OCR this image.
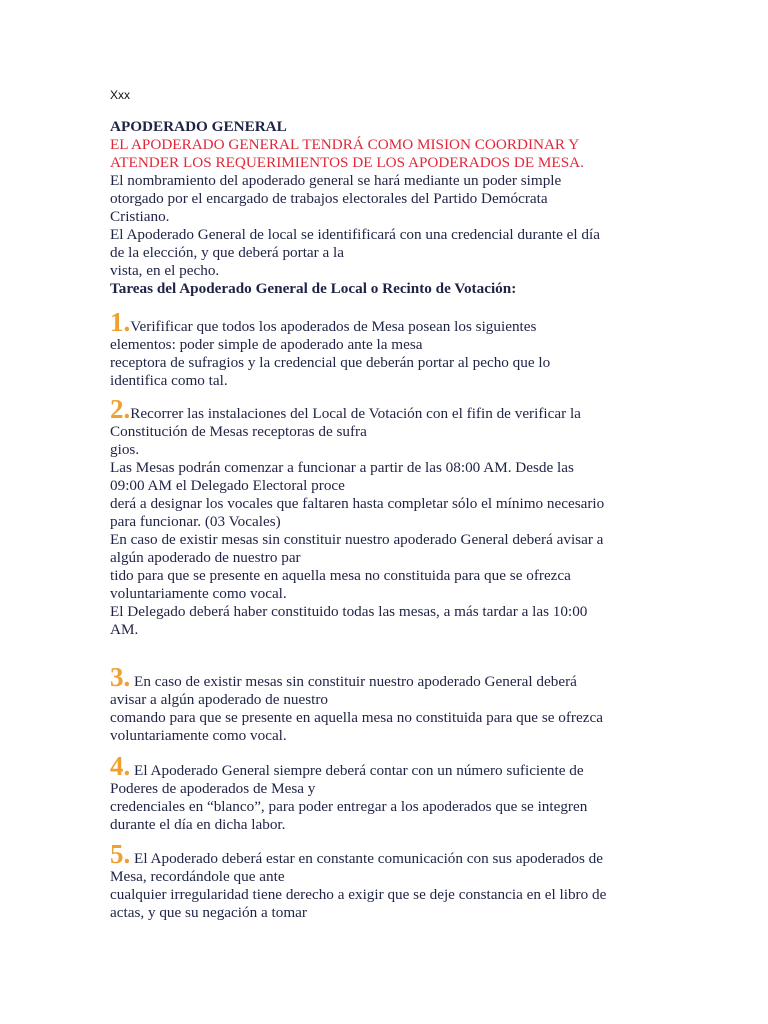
Xxx
APODERADO GENERAL
EL APODERADO GENERAL TENDRÁ COMO MISION COORDINAR Y
ATENDER LOS REQUERIMIENTOS DE LOS APODERADOS DE MESA.
El nombramiento del apoderado general se hará mediante un poder simple
otorgado por el encargado de trabajos electorales del Partido Demócrata
Cristiano.
El Apoderado General de local se identifificará con una credencial durante el día
de la elección, y que deberá portar a la
vista, en el pecho.
Tareas del Apoderado General de Local o Recinto de Votación:
1.Verifificar que todos los apoderados de Mesa posean los siguientes
elementos: poder simple de apoderado ante la mesa
receptora de sufragios y la credencial que deberán portar al pecho que lo
identifica como tal.
2.Recorrer las instalaciones del Local de Votación con el fifin de verificar la
Constitución de Mesas receptoras de sufra
gios.
Las Mesas podrán comenzar a funcionar a partir de las 08:00 AM. Desde las
09:00 AM el Delegado Electoral proce
derá a designar los vocales que faltaren hasta completar sólo el mínimo necesario
para funcionar. (03 Vocales)
En caso de existir mesas sin constituir nuestro apoderado General deberá avisar a
algún apoderado de nuestro par
tido para que se presente en aquella mesa no constituida para que se ofrezca
voluntariamente como vocal.
El Delegado deberá haber constituido todas las mesas, a más tardar a las 10:00
AM.
3. En caso de existir mesas sin constituir nuestro apoderado General deberá
avisar a algún apoderado de nuestro
comando para que se presente en aquella mesa no constituida para que se ofrezca
voluntariamente como vocal.
4. El Apoderado General siempre deberá contar con un número suficiente de
Poderes de apoderados de Mesa y
credenciales en “blanco”, para poder entregar a los apoderados que se integren
durante el día en dicha labor.
5. El Apoderado deberá estar en constante comunicación con sus apoderados de
Mesa, recordándole que ante
cualquier irregularidad tiene derecho a exigir que se deje constancia en el libro de
actas, y que su negación a tomar
